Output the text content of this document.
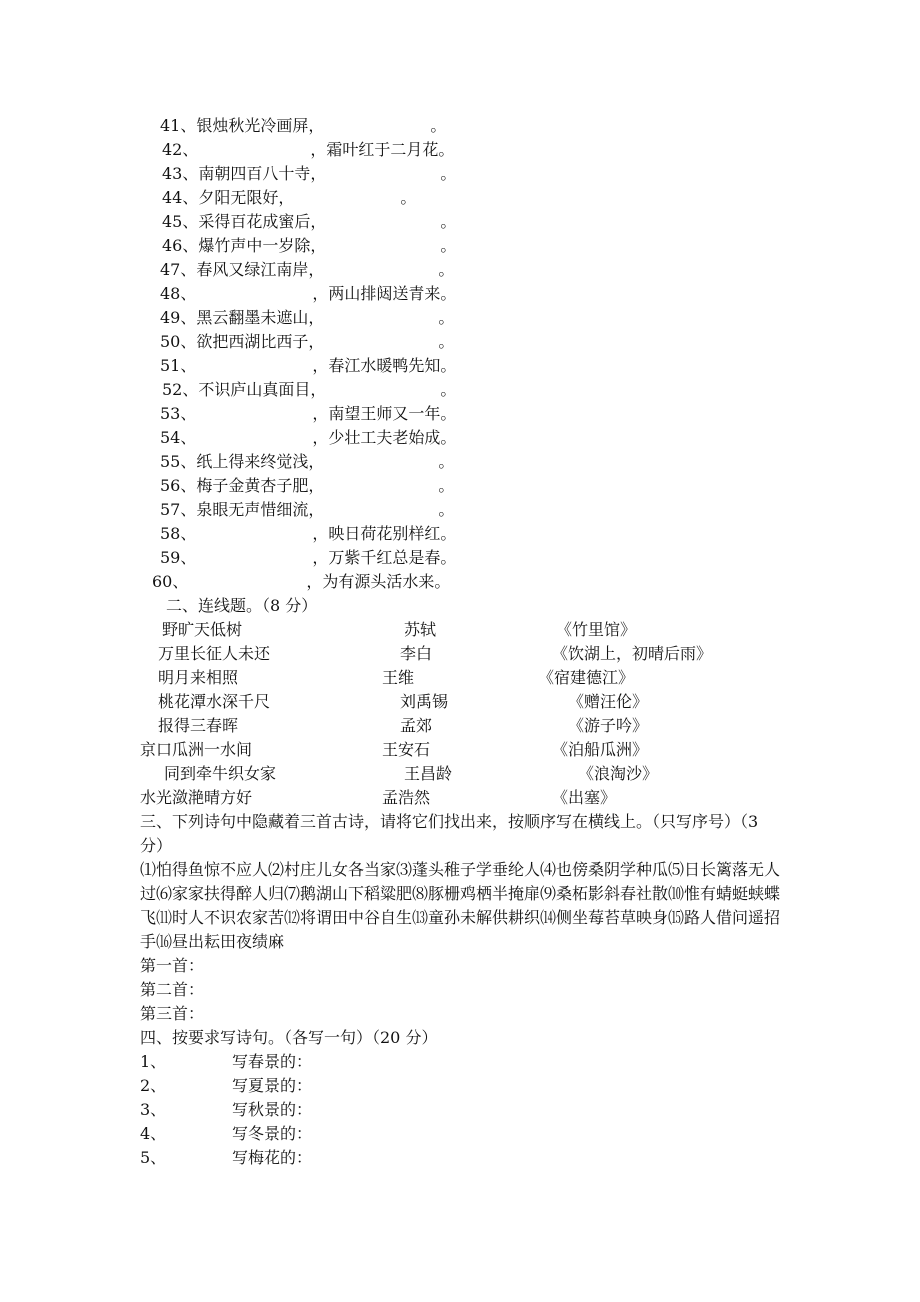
41、银烛秋光冷画屏，	。
42、	，霜叶红于二月花。
43、南朝四百八十寺，	。
44、夕阳无限好，	。
45、采得百花成蜜后，	。
46、爆竹声中一岁除，	。
47、春风又绿江南岸，	。
48、	，两山排闼送青来。
49、黑云翻墨未遮山，	。
50、欲把西湖比西子，	。
51、	，春江水暖鸭先知。
52、不识庐山真面目，	。
53、	，南望王师又一年。
54、	，少壮工夫老始成。
55、纸上得来终觉浅，	。
56、梅子金黄杏子肥，	。
57、泉眼无声惜细流，	。
58、	，映日荷花别样红。
59、	，万紫千红总是春。
60、	，为有源头活水来。
二、连线题。（8 分）
野旷天低树	苏轼	《竹里馆》
万里长征人未还	李白	《饮湖上，初晴后雨》
明月来相照	王维	《宿建德江》
桃花潭水深千尺	刘禹锡	《赠汪伦》
报得三春晖	孟郊	《游子吟》
京口瓜洲一水间	王安石	《泊船瓜洲》
同到牵牛织女家	王昌龄	《浪淘沙》
水光潋滟晴方好	孟浩然	《出塞》
三、下列诗句中隐藏着三首古诗，请将它们找出来，按顺序写在横线上。（只写序号）（3 分）
⑴怕得鱼惊不应人⑵村庄儿女各当家⑶蓬头稚子学垂纶人⑷也傍桑阴学种瓜⑸日长篱落无人过⑹家家扶得醉人归⑺鹅湖山下稻粱肥⑻豚栅鸡栖半掩扉⑼桑柘影斜春社散⑽惟有蜻蜓蛱蝶飞⑾时人不识农家苦⑿将谓田中谷自生⒀童孙未解供耕织⒁侧坐莓苔草映身⒂路人借问遥招手⒃昼出耘田夜绩麻
第一首：
第二首：
第三首：
四、按要求写诗句。（各写一句）（20 分）
1、	写春景的：
2、	写夏景的：
3、	写秋景的：
4、	写冬景的：
5、	写梅花的：
